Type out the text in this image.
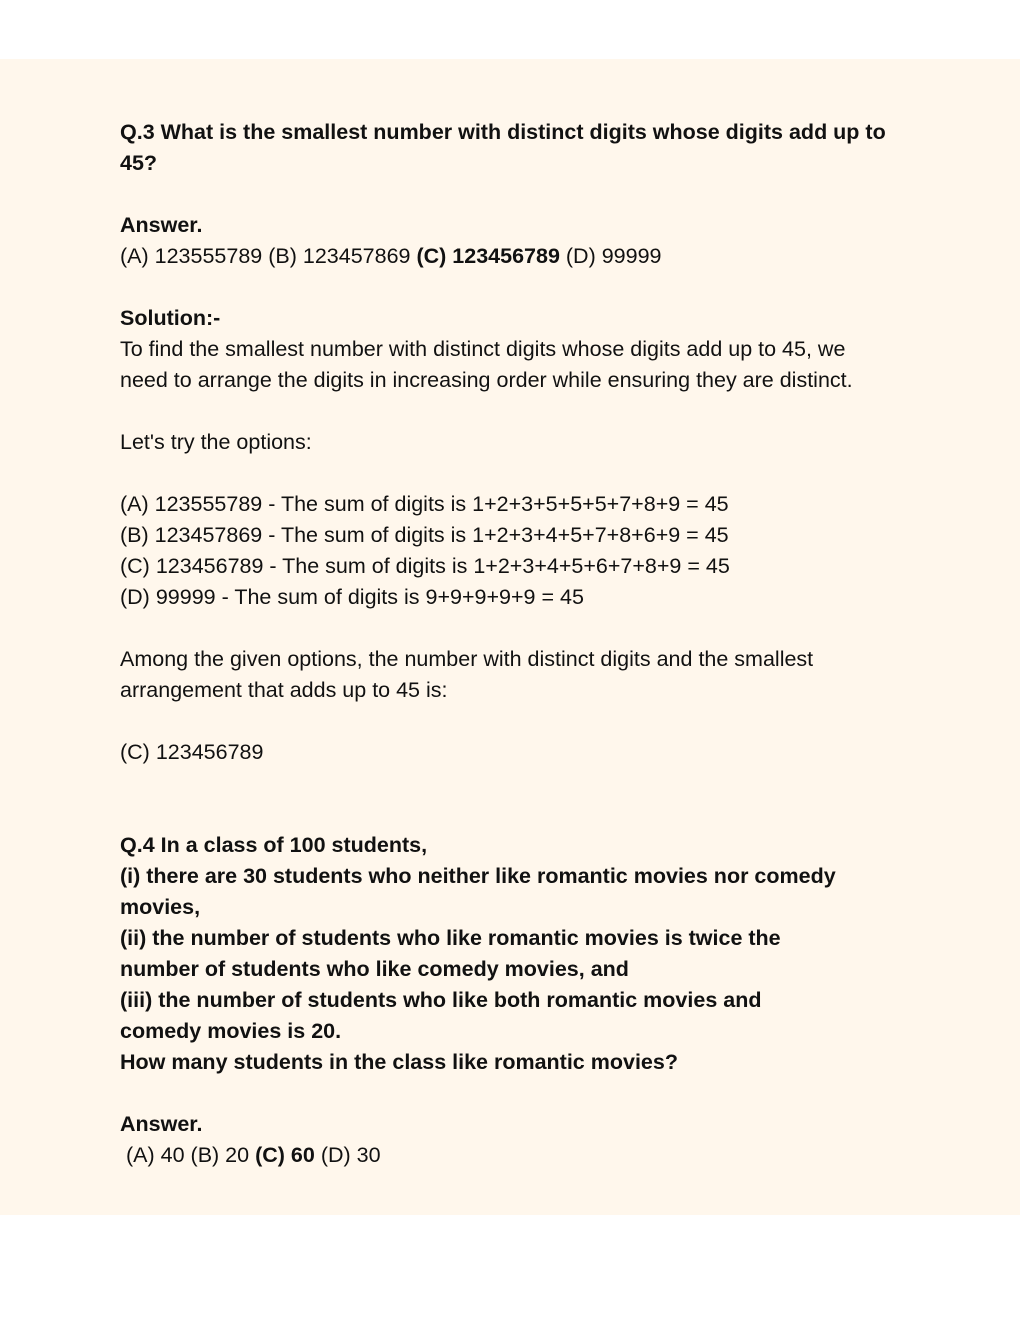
Q.3 What is the smallest number with distinct digits whose digits add up to 45?
Answer.
(A) 123555789 (B) 123457869 (C) 123456789 (D) 99999
Solution:-
To find the smallest number with distinct digits whose digits add up to 45, we need to arrange the digits in increasing order while ensuring they are distinct.
Let's try the options:
(A) 123555789 - The sum of digits is 1+2+3+5+5+5+7+8+9 = 45
(B) 123457869 - The sum of digits is 1+2+3+4+5+7+8+6+9 = 45
(C) 123456789 - The sum of digits is 1+2+3+4+5+6+7+8+9 = 45
(D) 99999 - The sum of digits is 9+9+9+9+9 = 45
Among the given options, the number with distinct digits and the smallest arrangement that adds up to 45 is:
(C) 123456789
Q.4 In a class of 100 students,
(i) there are 30 students who neither like romantic movies nor comedy movies,
(ii) the number of students who like romantic movies is twice the number of students who like comedy movies, and
(iii) the number of students who like both romantic movies and comedy movies is 20.
How many students in the class like romantic movies?
Answer.
(A) 40 (B) 20 (C) 60 (D) 30
